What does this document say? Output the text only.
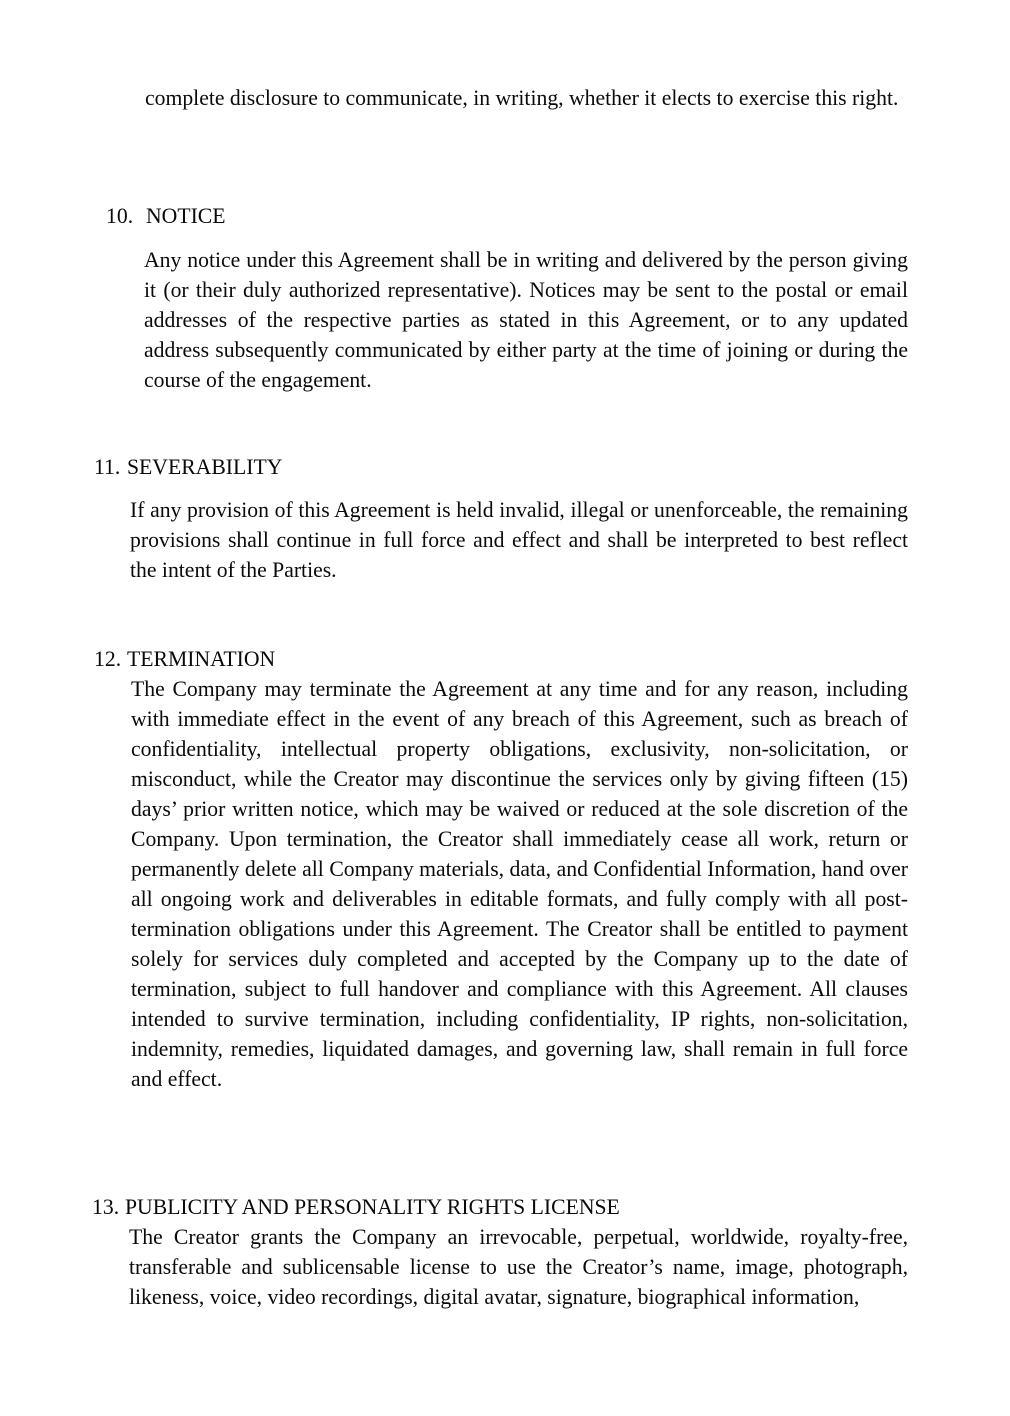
complete disclosure to communicate, in writing, whether it elects to exercise this right.

10. NOTICE

Any notice under this Agreement shall be in writing and delivered by the person giving it (or their duly authorized representative). Notices may be sent to the postal or email addresses of the respective parties as stated in this Agreement, or to any updated address subsequently communicated by either party at the time of joining or during the course of the engagement.

11. SEVERABILITY

If any provision of this Agreement is held invalid, illegal or unenforceable, the remaining provisions shall continue in full force and effect and shall be interpreted to best reflect the intent of the Parties.

12. TERMINATION

The Company may terminate the Agreement at any time and for any reason, including with immediate effect in the event of any breach of this Agreement, such as breach of confidentiality, intellectual property obligations, exclusivity, non-solicitation, or misconduct, while the Creator may discontinue the services only by giving fifteen (15) days’ prior written notice, which may be waived or reduced at the sole discretion of the Company. Upon termination, the Creator shall immediately cease all work, return or permanently delete all Company materials, data, and Confidential Information, hand over all ongoing work and deliverables in editable formats, and fully comply with all post-termination obligations under this Agreement. The Creator shall be entitled to payment solely for services duly completed and accepted by the Company up to the date of termination, subject to full handover and compliance with this Agreement. All clauses intended to survive termination, including confidentiality, IP rights, non-solicitation, indemnity, remedies, liquidated damages, and governing law, shall remain in full force and effect.

13. PUBLICITY AND PERSONALITY RIGHTS LICENSE

The Creator grants the Company an irrevocable, perpetual, worldwide, royalty-free, transferable and sublicensable license to use the Creator’s name, image, photograph, likeness, voice, video recordings, digital avatar, signature, biographical information,
